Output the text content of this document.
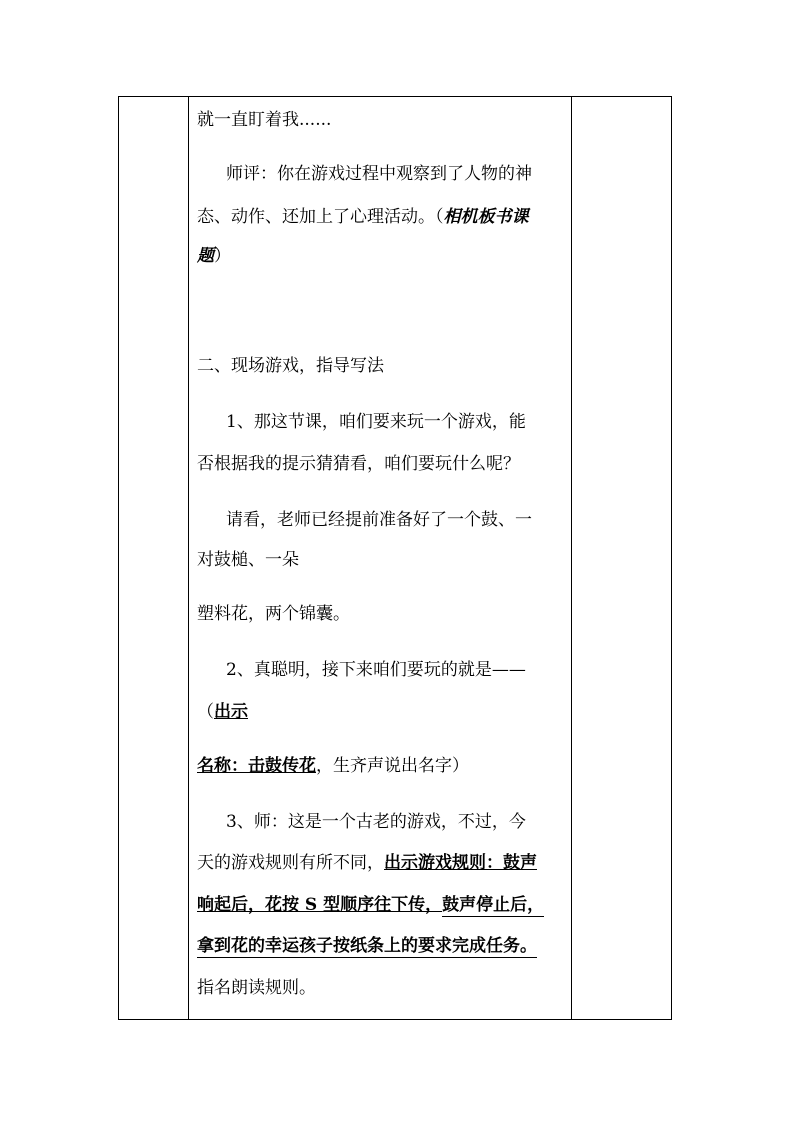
就一直盯着我......
师评：你在游戏过程中观察到了人物的神
态、动作、还加上了心理活动。（相机板书课
题）
二、现场游戏，指导写法
1、那这节课，咱们要来玩一个游戏，能
否根据我的提示猜猜看，咱们要玩什么呢？
请看，老师已经提前准备好了一个鼓、一
对鼓槌、一朵
塑料花，两个锦囊。
2、真聪明，接下来咱们要玩的就是——
（出示
名称：击鼓传花，生齐声说出名字）
3、师：这是一个古老的游戏，不过，今
天的游戏规则有所不同，出示游戏规则：鼓声
响起后，花按 S 型顺序往下传，鼓声停止后，
拿到花的幸运孩子按纸条上的要求完成任务。
指名朗读规则。
